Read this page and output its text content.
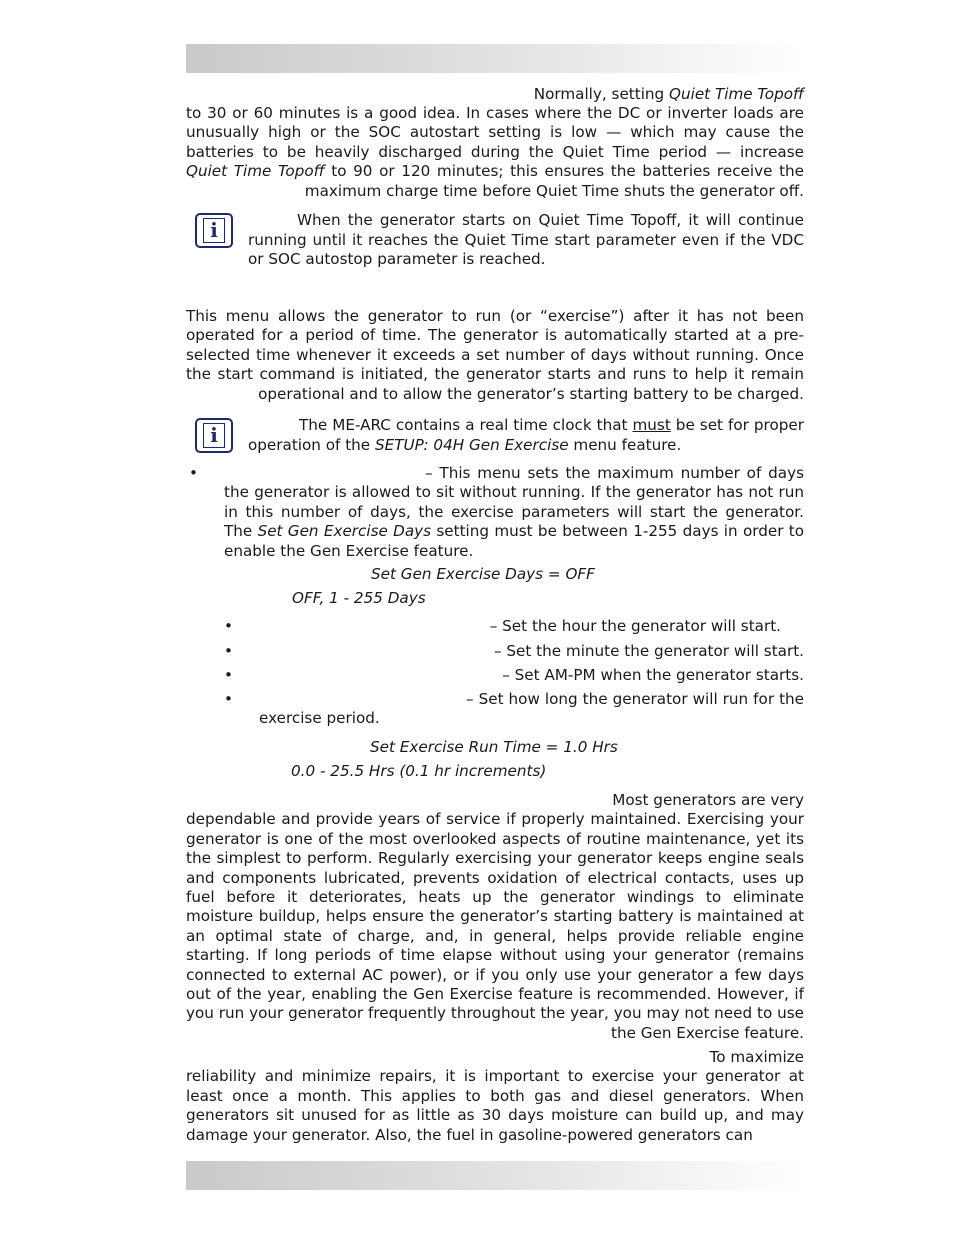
Normally, setting Quiet Time Topoff
to 30 or 60 minutes is a good idea. In cases where the DC or inverter loads are unusually high or the SOC autostart setting is low — which may cause the batteries to be heavily discharged during the Quiet Time period — increase Quiet Time Topoff to 90 or 120 minutes; this ensures the batteries receive the maximum charge time before Quiet Time shuts the generator off.
i	When the generator starts on Quiet Time Topoff, it will continue running until it reaches the Quiet Time start parameter even if the VDC or SOC autostop parameter is reached.
This menu allows the generator to run (or “exercise”) after it has not been operated for a period of time. The generator is automatically started at a pre-selected time whenever it exceeds a set number of days without running. Once the start command is initiated, the generator starts and runs to help it remain operational and to allow the generator’s starting battery to be charged.
i	The ME-ARC contains a real time clock that must be set for proper operation of the SETUP: 04H Gen Exercise menu feature.
•	– This menu sets the maximum number of days the generator is allowed to sit without running. If the generator has not run in this number of days, the exercise parameters will start the generator. The Set Gen Exercise Days setting must be between 1-255 days in order to enable the Gen Exercise feature.
Set Gen Exercise Days = OFF
OFF, 1 - 255 Days
•	– Set the hour the generator will start.
•	– Set the minute the generator will start.
•	– Set AM-PM when the generator starts.
•	– Set how long the generator will run for the exercise period.
Set Exercise Run Time = 1.0 Hrs
0.0 - 25.5 Hrs (0.1 hr increments)
Most generators are very
dependable and provide years of service if properly maintained. Exercising your generator is one of the most overlooked aspects of routine maintenance, yet its the simplest to perform. Regularly exercising your generator keeps engine seals and components lubricated, prevents oxidation of electrical contacts, uses up fuel before it deteriorates, heats up the generator windings to eliminate moisture buildup, helps ensure the generator’s starting battery is maintained at an optimal state of charge, and, in general, helps provide reliable engine starting. If long periods of time elapse without using your generator (remains connected to external AC power), or if you only use your generator a few days out of the year, enabling the Gen Exercise feature is recommended. However, if you run your generator frequently throughout the year, you may not need to use the Gen Exercise feature.
To maximize
reliability and minimize repairs, it is important to exercise your generator at least once a month. This applies to both gas and diesel generators. When generators sit unused for as little as 30 days moisture can build up, and may damage your generator. Also, the fuel in gasoline-powered generators can
